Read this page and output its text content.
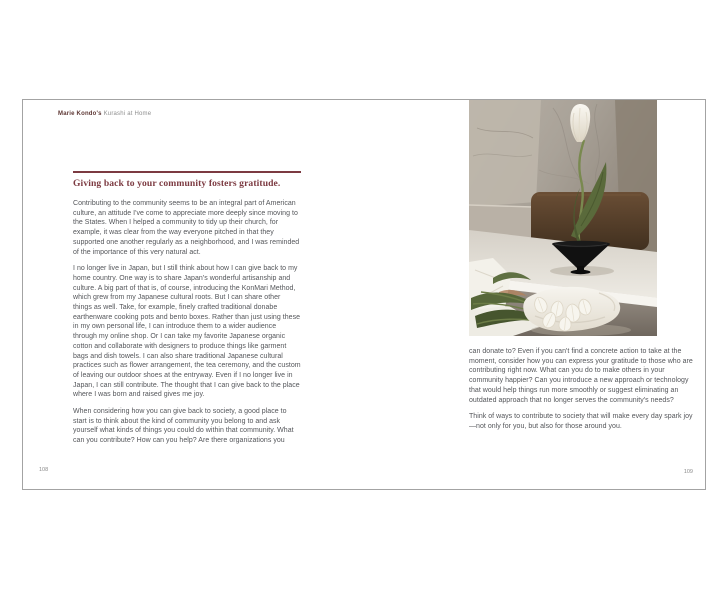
Marie Kondo's Kurashi at Home
Giving back to your community fosters gratitude.

Contributing to the community seems to be an integral part of American culture, an attitude I've come to appreciate more deeply since moving to the States. When I helped a community to tidy up their church, for example, it was clear from the way everyone pitched in that they supported one another regularly as a neighborhood, and I was reminded of the importance of this very natural act.

I no longer live in Japan, but I still think about how I can give back to my home country. One way is to share Japan's wonderful artisanship and culture. A big part of that is, of course, introducing the KonMari Method, which grew from my Japanese cultural roots. But I can share other things as well. Take, for example, finely crafted traditional donabe earthenware cooking pots and bento boxes. Rather than just using these in my own personal life, I can introduce them to a wider audience through my online shop. Or I can take my favorite Japanese organic cotton and collaborate with designers to produce things like garment bags and dish towels. I can also share traditional Japanese cultural practices such as flower arrangement, the tea ceremony, and the custom of leaving our outdoor shoes at the entryway. Even if I no longer live in Japan, I can still contribute. The thought that I can give back to the place where I was born and raised gives me joy.

When considering how you can give back to society, a good place to start is to think about the kind of community you belong to and ask yourself what kinds of things you could do within that community. What can you contribute? How can you help? Are there organizations you

108

can donate to? Even if you can't find a concrete action to take at the moment, consider how you can express your gratitude to those who are contributing right now. What can you do to make others in your community happier? Can you introduce a new approach or technology that would help things run more smoothly or suggest eliminating an outdated approach that no longer serves the community's needs?

Think of ways to contribute to society that will make every day spark joy—not only for you, but also for those around you.

109
